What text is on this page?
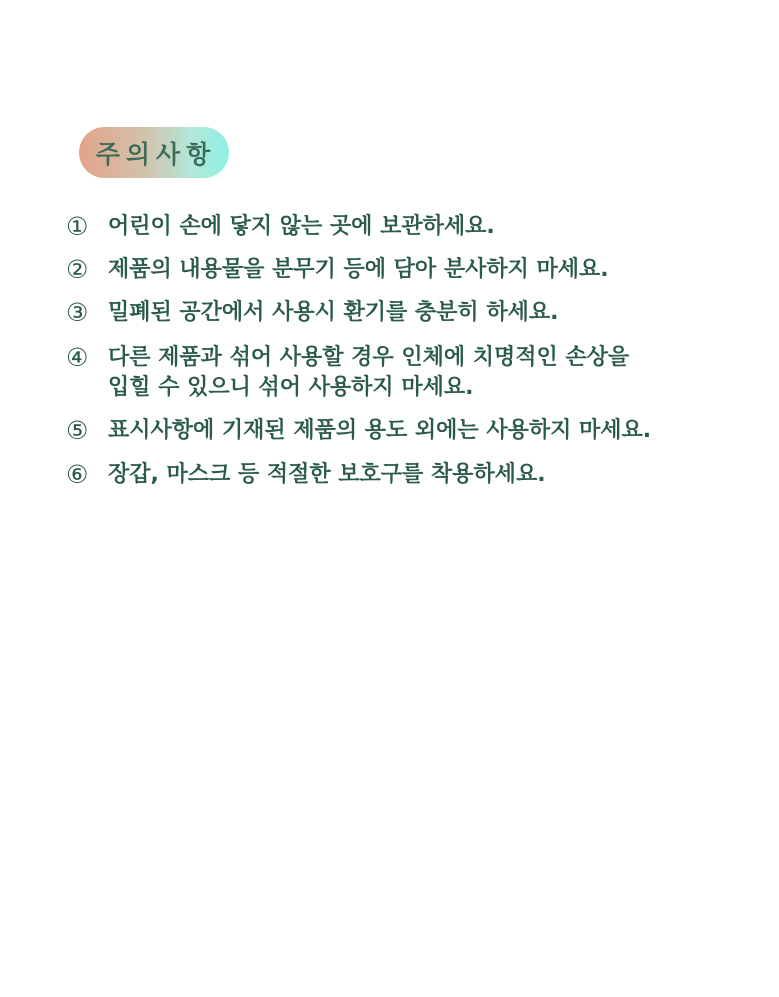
주의사항
① 어린이 손에 닿지 않는 곳에 보관하세요.
② 제품의 내용물을 분무기 등에 담아 분사하지 마세요.
③ 밀폐된 공간에서 사용시 환기를 충분히 하세요.
④ 다른 제품과 섞어 사용할 경우 인체에 치명적인 손상을
입힐 수 있으니 섞어 사용하지 마세요.
⑤ 표시사항에 기재된 제품의 용도 외에는 사용하지 마세요.
⑥ 장갑, 마스크 등 적절한 보호구를 착용하세요.
